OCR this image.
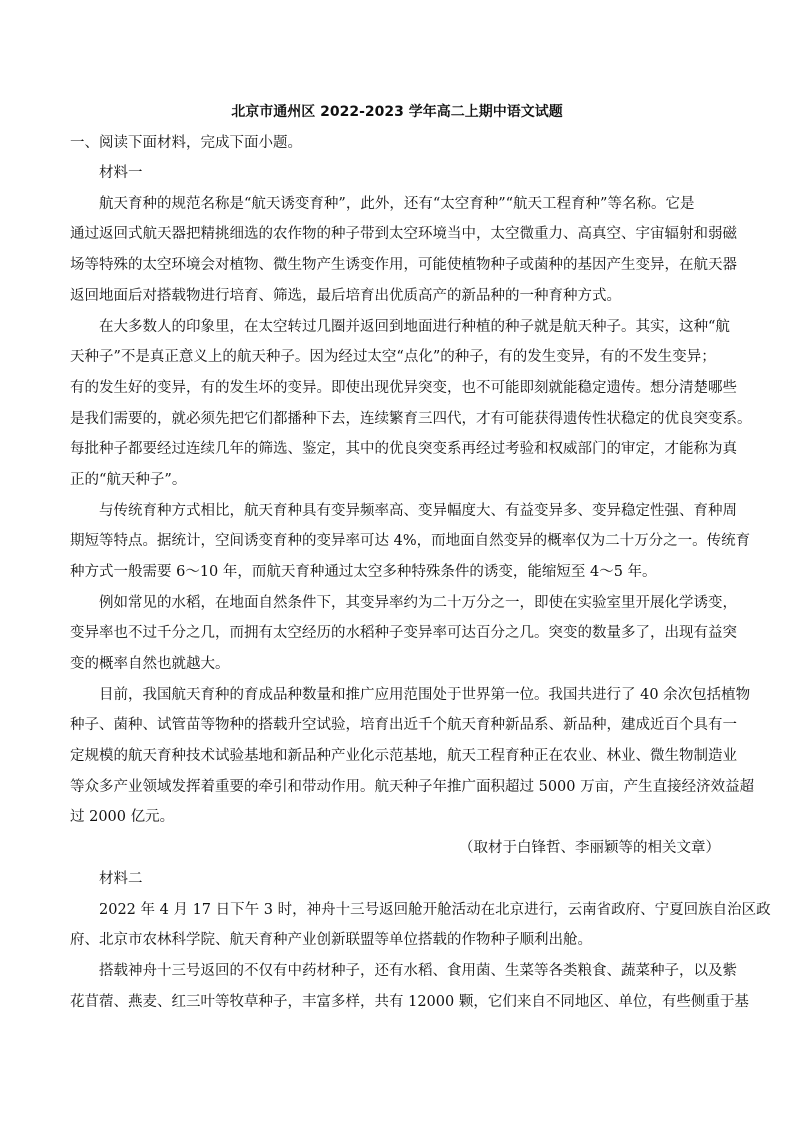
北京市通州区 2022-2023 学年高二上期中语文试题
一、阅读下面材料，完成下面小题。
材料一
航天育种的规范名称是“航天诱变育种”，此外，还有“太空育种”“航天工程育种”等名称。它是
通过返回式航天器把精挑细选的农作物的种子带到太空环境当中，太空微重力、高真空、宇宙辐射和弱磁
场等特殊的太空环境会对植物、微生物产生诱变作用，可能使植物种子或菌种的基因产生变异，在航天器
返回地面后对搭载物进行培育、筛选，最后培育出优质高产的新品种的一种育种方式。
在大多数人的印象里，在太空转过几圈并返回到地面进行种植的种子就是航天种子。其实，这种“航
天种子”不是真正意义上的航天种子。因为经过太空“点化”的种子，有的发生变异，有的不发生变异；
有的发生好的变异，有的发生坏的变异。即使出现优异突变，也不可能即刻就能稳定遗传。想分清楚哪些
是我们需要的，就必须先把它们都播种下去，连续繁育三四代，才有可能获得遗传性状稳定的优良突变系。
每批种子都要经过连续几年的筛选、鉴定，其中的优良突变系再经过考验和权威部门的审定，才能称为真
正的“航天种子”。
与传统育种方式相比，航天育种具有变异频率高、变异幅度大、有益变异多、变异稳定性强、育种周
期短等特点。据统计，空间诱变育种的变异率可达 4%，而地面自然变异的概率仅为二十万分之一。传统育
种方式一般需要 6～10 年，而航天育种通过太空多种特殊条件的诱变，能缩短至 4～5 年。
例如常见的水稻，在地面自然条件下，其变异率约为二十万分之一，即使在实验室里开展化学诱变，
变异率也不过千分之几，而拥有太空经历的水稻种子变异率可达百分之几。突变的数量多了，出现有益突
变的概率自然也就越大。
目前，我国航天育种的育成品种数量和推广应用范围处于世界第一位。我国共进行了 40 余次包括植物
种子、菌种、试管苗等物种的搭载升空试验，培育出近千个航天育种新品系、新品种，建成近百个具有一
定规模的航天育种技术试验基地和新品种产业化示范基地，航天工程育种正在农业、林业、微生物制造业
等众多产业领域发挥着重要的牵引和带动作用。航天种子年推广面积超过 5000 万亩，产生直接经济效益超
过 2000 亿元。
（取材于白锋哲、李丽颖等的相关文章）
材料二
2022 年 4 月 17 日下午 3 时，神舟十三号返回舱开舱活动在北京进行，云南省政府、宁夏回族自治区政
府、北京市农林科学院、航天育种产业创新联盟等单位搭载的作物种子顺利出舱。
搭载神舟十三号返回的不仅有中药材种子，还有水稻、食用菌、生菜等各类粮食、蔬菜种子，以及紫
花苜蓿、燕麦、红三叶等牧草种子，丰富多样，共有 12000 颗，它们来自不同地区、单位，有些侧重于基
